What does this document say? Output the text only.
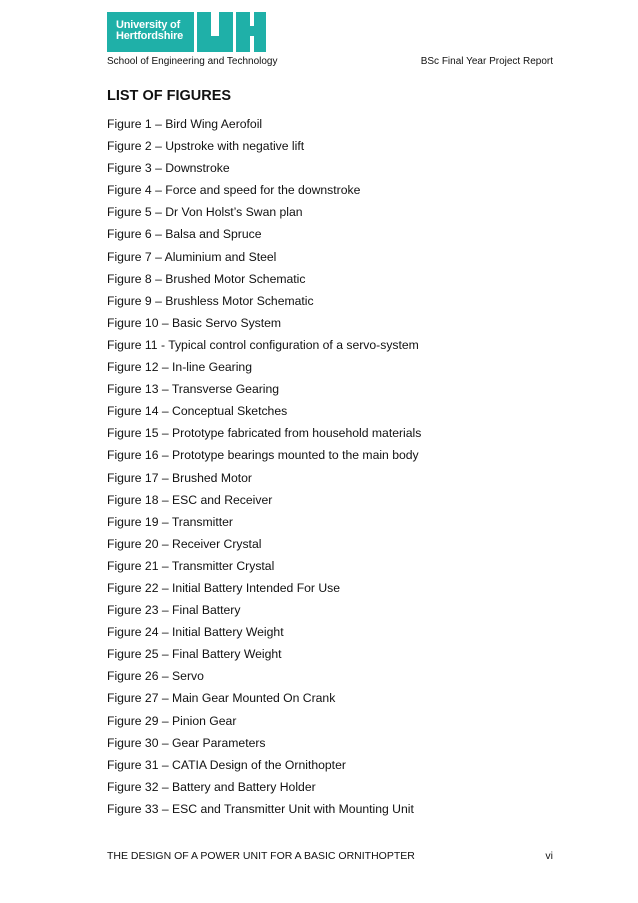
University of
Hertfordshire
School of Engineering and Technology	BSc Final Year Project Report
LIST OF FIGURES
Figure 1 – Bird Wing Aerofoil
Figure 2 – Upstroke with negative lift
Figure 3 – Downstroke
Figure 4 – Force and speed for the downstroke
Figure 5 – Dr Von Holst’s Swan plan
Figure 6 – Balsa and Spruce
Figure 7 – Aluminium and Steel
Figure 8 – Brushed Motor Schematic
Figure 9 – Brushless Motor Schematic
Figure 10 – Basic Servo System
Figure 11 - Typical control configuration of a servo-system
Figure 12 – In-line Gearing
Figure 13 – Transverse Gearing
Figure 14 – Conceptual Sketches
Figure 15 – Prototype fabricated from household materials
Figure 16 – Prototype bearings mounted to the main body
Figure 17 – Brushed Motor
Figure 18 – ESC and Receiver
Figure 19 – Transmitter
Figure 20 – Receiver Crystal
Figure 21 – Transmitter Crystal
Figure 22 – Initial Battery Intended For Use
Figure 23 – Final Battery
Figure 24 – Initial Battery Weight
Figure 25 – Final Battery Weight
Figure 26 – Servo
Figure 27 – Main Gear Mounted On Crank
Figure 29 – Pinion Gear
Figure 30 – Gear Parameters
Figure 31 – CATIA Design of the Ornithopter
Figure 32 – Battery and Battery Holder
Figure 33 – ESC and Transmitter Unit with Mounting Unit
THE DESIGN OF A POWER UNIT FOR A BASIC ORNITHOPTER	vi
